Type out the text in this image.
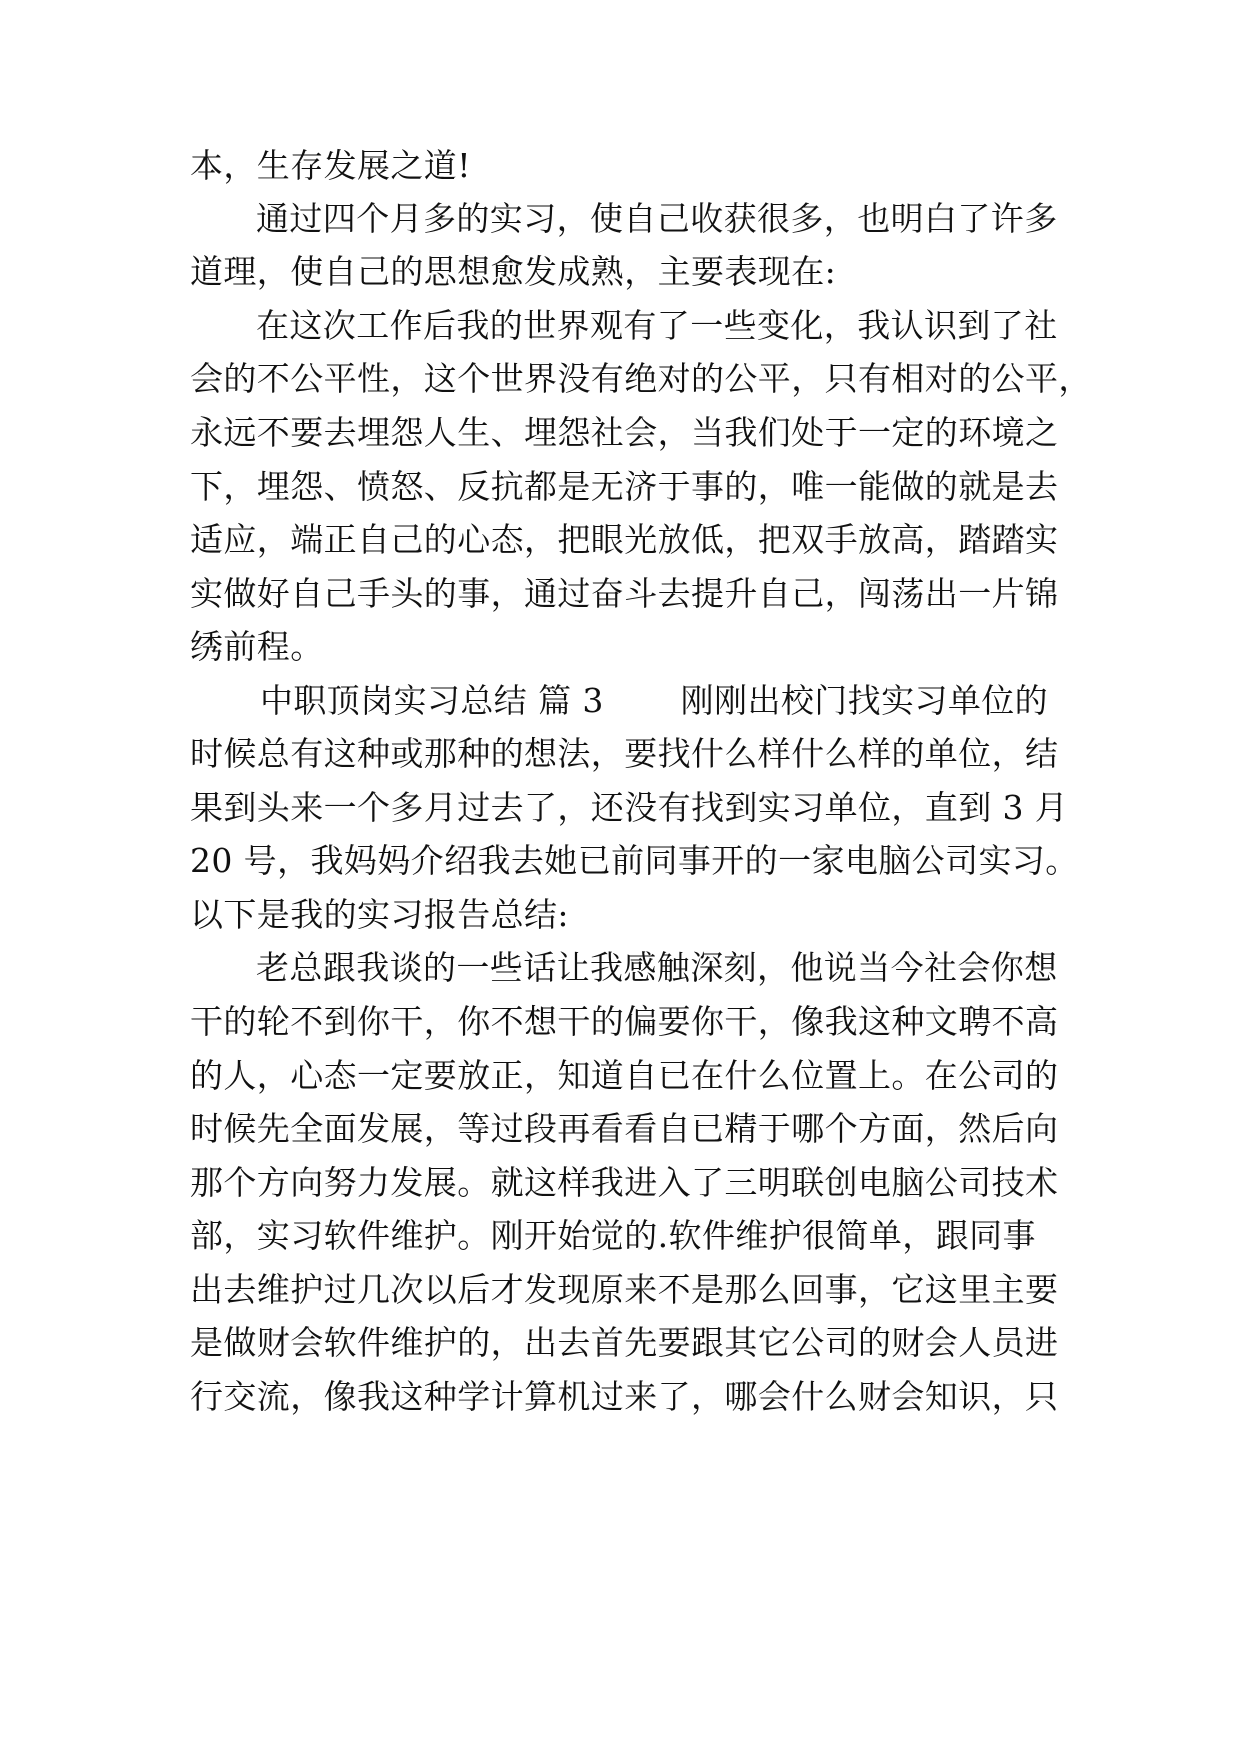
本，生存发展之道!
通过四个月多的实习，使自己收获很多，也明白了许多
道理，使自己的思想愈发成熟，主要表现在:
在这次工作后我的世界观有了一些变化，我认识到了社
会的不公平性，这个世界没有绝对的公平，只有相对的公平，
永远不要去埋怨人生、埋怨社会，当我们处于一定的环境之
下，埋怨、愤怒、反抗都是无济于事的，唯一能做的就是去
适应，端正自己的心态，把眼光放低，把双手放高，踏踏实
实做好自己手头的事，通过奋斗去提升自己，闯荡出一片锦
绣前程。
中职顶岗实习总结 篇 3 刚刚出校门找实习单位的
时候总有这种或那种的想法，要找什么样什么样的单位，结
果到头来一个多月过去了，还没有找到实习单位，直到 3 月
20 号，我妈妈介绍我去她已前同事开的一家电脑公司实习。
以下是我的实习报告总结:
老总跟我谈的一些话让我感触深刻，他说当今社会你想
干的轮不到你干，你不想干的偏要你干，像我这种文聘不高
的人，心态一定要放正，知道自已在什么位置上。在公司的
时候先全面发展，等过段再看看自已精于哪个方面，然后向
那个方向努力发展。就这样我进入了三明联创电脑公司技术
部，实习软件维护。刚开始觉的.软件维护很简单，跟同事
出去维护过几次以后才发现原来不是那么回事，它这里主要
是做财会软件维护的，出去首先要跟其它公司的财会人员进
行交流，像我这种学计算机过来了，哪会什么财会知识，只
